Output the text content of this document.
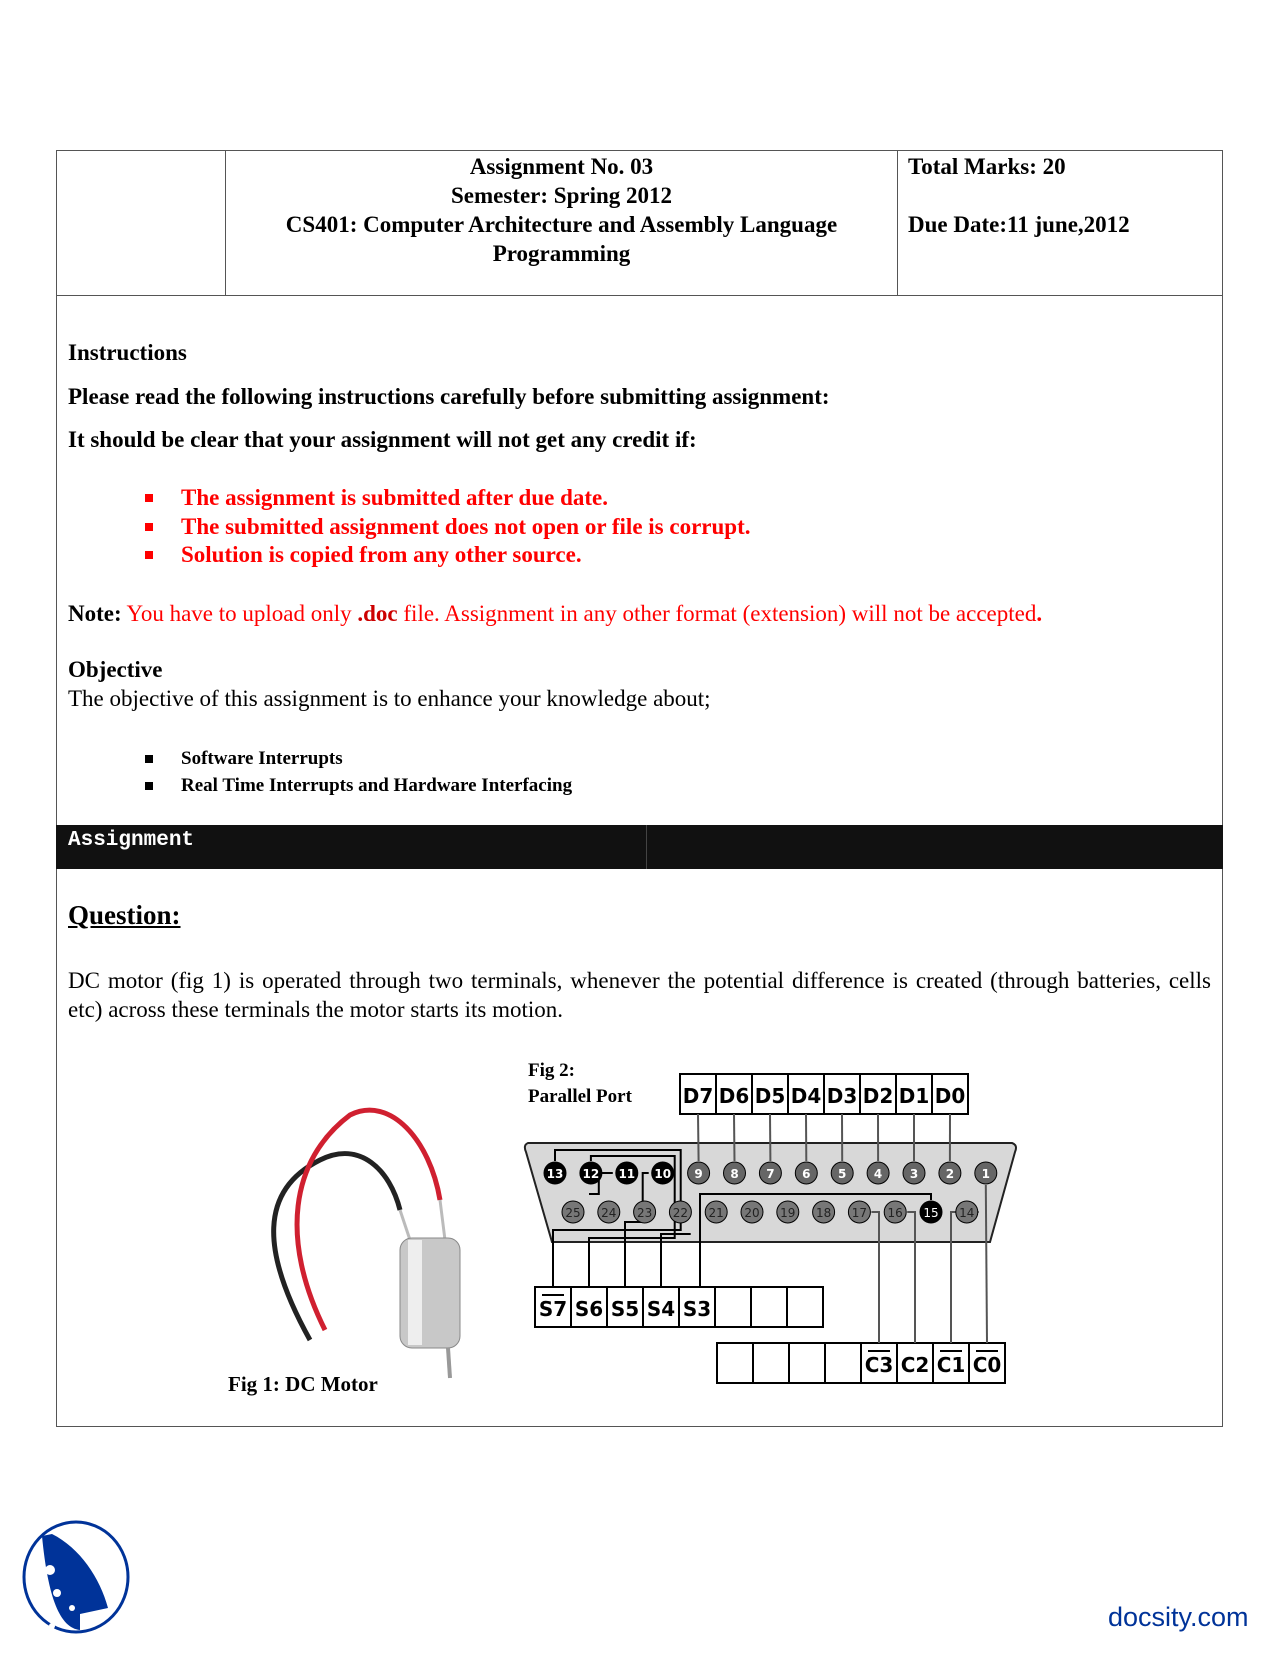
Assignment No. 03
Semester: Spring 2012
CS401: Computer Architecture and Assembly Language
Programming
Total Marks: 20
Due Date:11 june,2012
Instructions
Please read the following instructions carefully before submitting assignment:
It should be clear that your assignment will not get any credit if:
The assignment is submitted after due date.
The submitted assignment does not open or file is corrupt.
Solution is copied from any other source.
Note: You have to upload only .doc file. Assignment in any other format (extension) will not be accepted.
Objective
The objective of this assignment is to enhance your knowledge about;
Software Interrupts
Real Time Interrupts and Hardware Interfacing
Assignment
Question:
DC motor (fig 1) is operated through two terminals, whenever the potential difference is created (through batteries, cells etc) across these terminals the motor starts its motion.
Fig 1: DC Motor
Fig 2:
Parallel Port	D7 D6 D5 D4 D3 D2 D1 D0
S7 S6 S5 S4 S3
C3 C2 C1 C0
13 12 11 10 9 8 7 6 5 4 3 2 1
25 24 23 22 21 20 19 18 17 16 15 14
docsity.com
